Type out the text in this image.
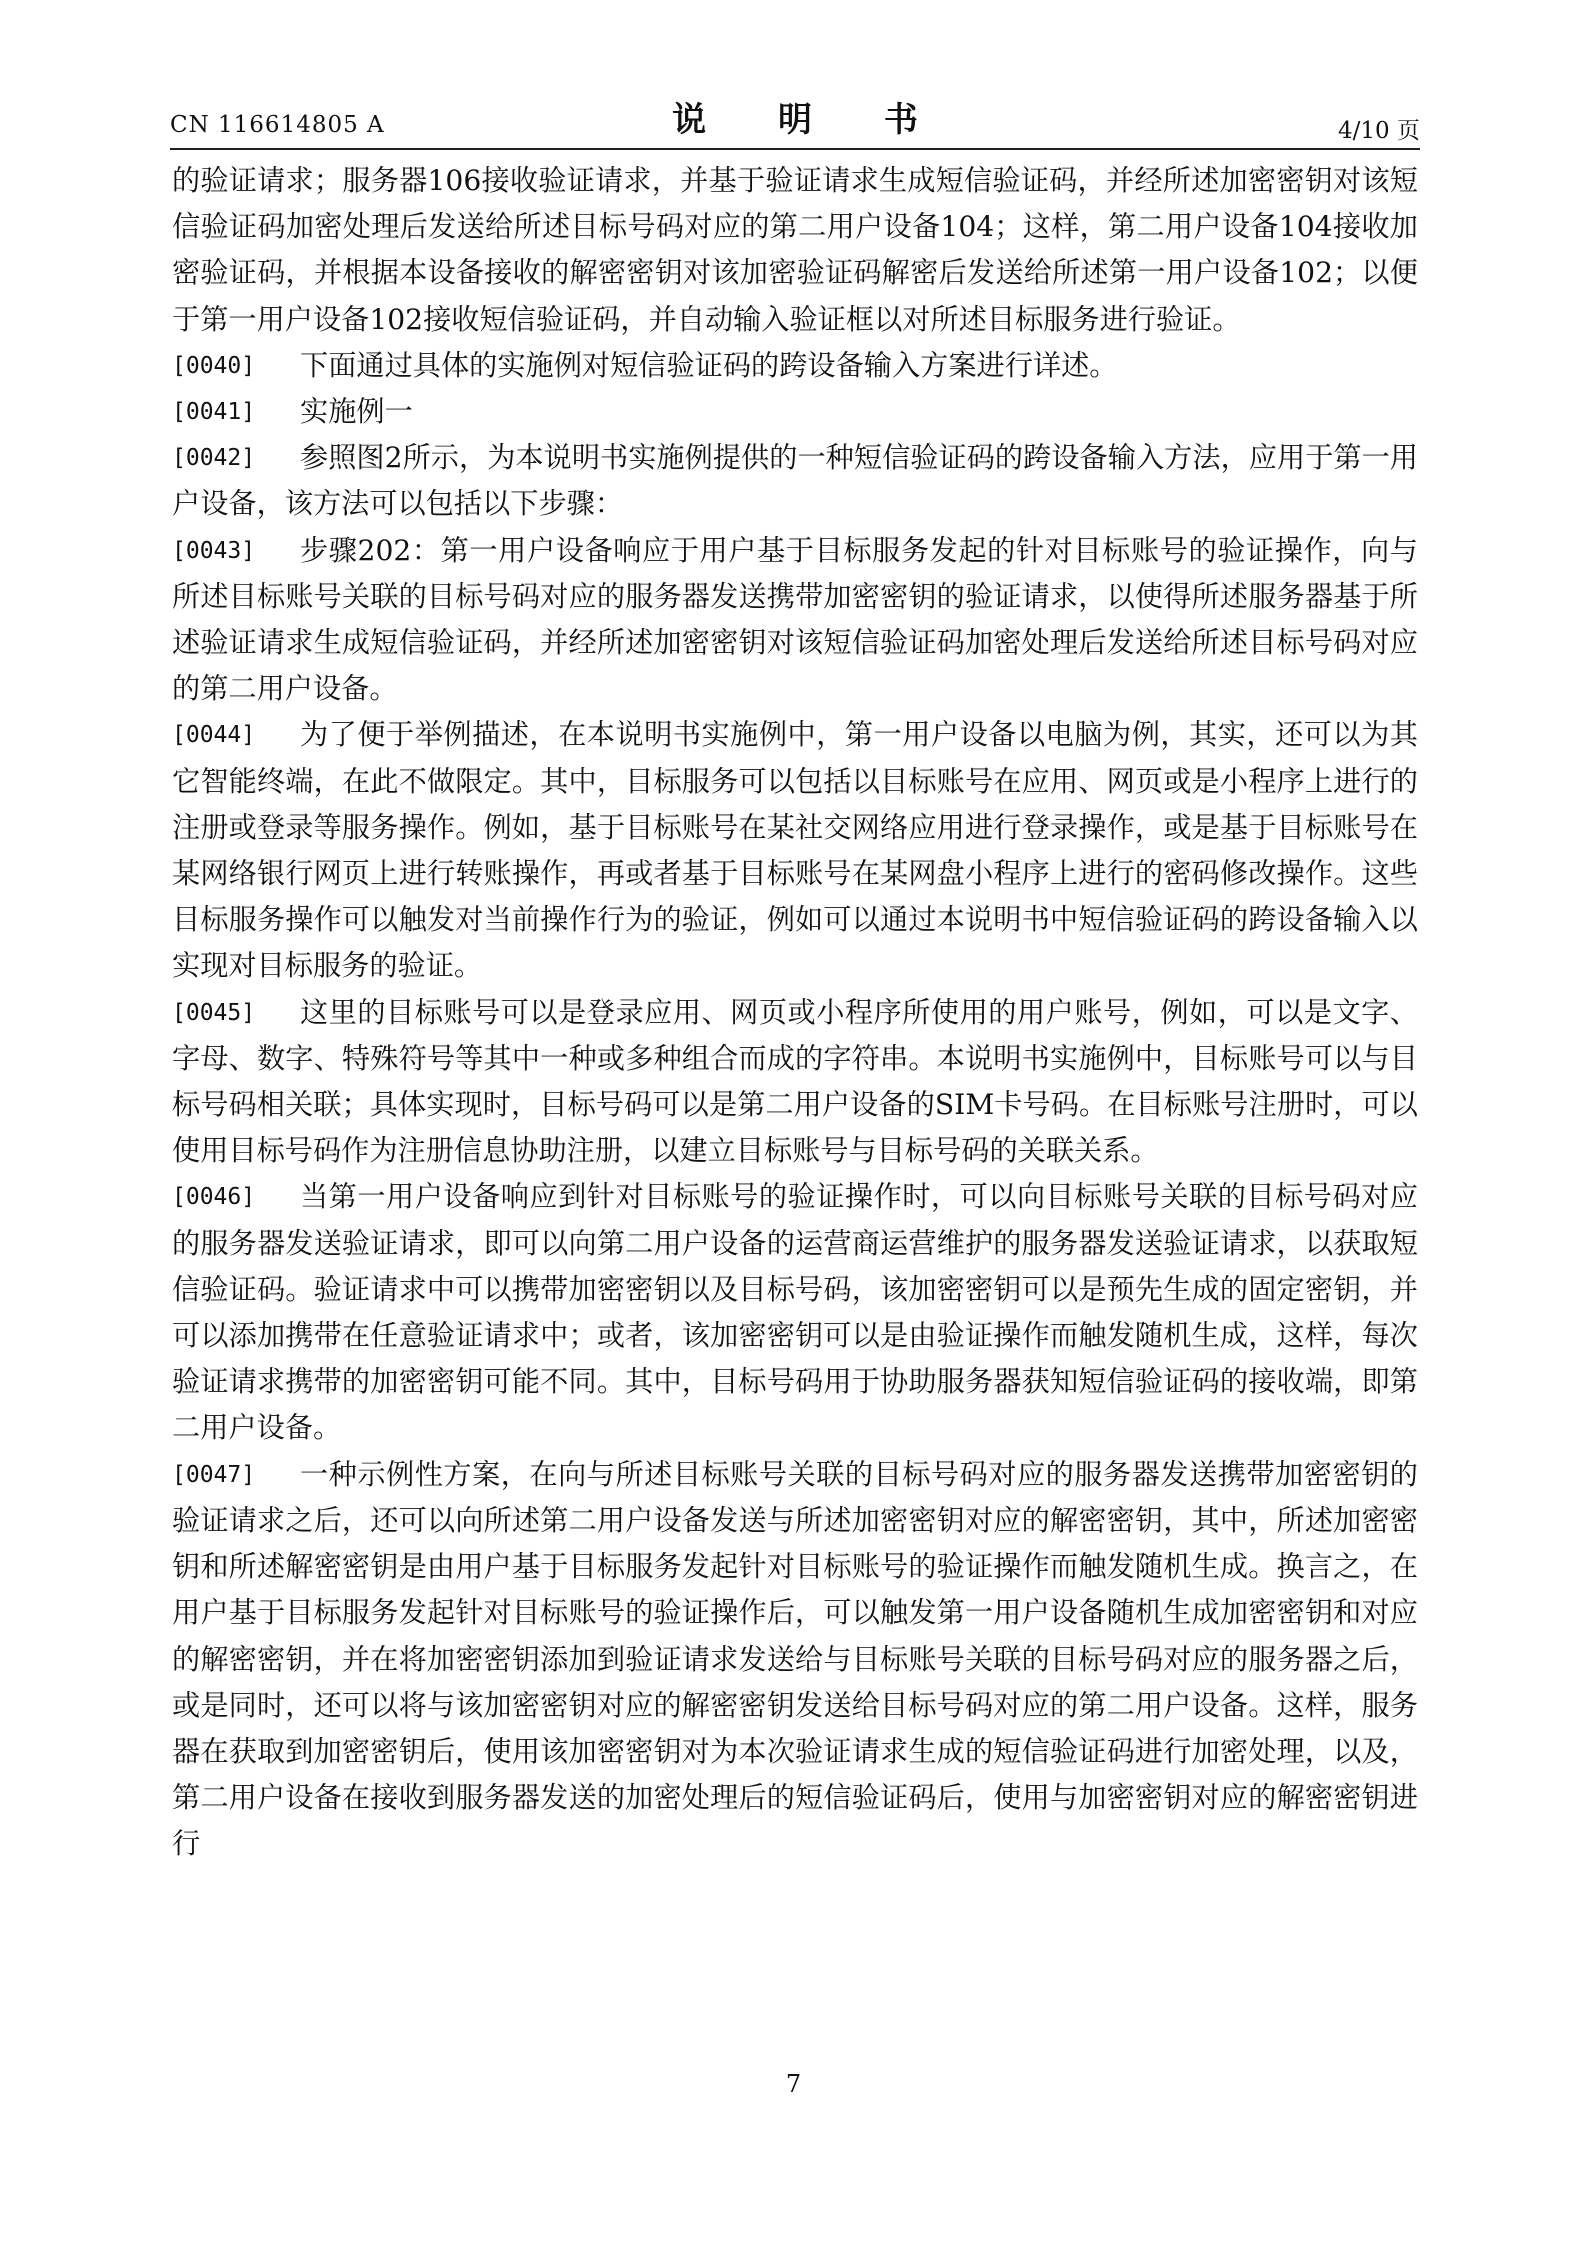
CN 116614805 A	说 明 书	4/10 页

的验证请求；服务器106接收验证请求，并基于验证请求生成短信验证码，并经所述加密密钥对该短信验证码加密处理后发送给所述目标号码对应的第二用户设备104；这样，第二用户设备104接收加密验证码，并根据本设备接收的解密密钥对该加密验证码解密后发送给所述第一用户设备102；以便于第一用户设备102接收短信验证码，并自动输入验证框以对所述目标服务进行验证。

[0040] 下面通过具体的实施例对短信验证码的跨设备输入方案进行详述。

[0041] 实施例一

[0042] 参照图2所示，为本说明书实施例提供的一种短信验证码的跨设备输入方法，应用于第一用户设备，该方法可以包括以下步骤：

[0043] 步骤202：第一用户设备响应于用户基于目标服务发起的针对目标账号的验证操作，向与所述目标账号关联的目标号码对应的服务器发送携带加密密钥的验证请求，以使得所述服务器基于所述验证请求生成短信验证码，并经所述加密密钥对该短信验证码加密处理后发送给所述目标号码对应的第二用户设备。

[0044] 为了便于举例描述，在本说明书实施例中，第一用户设备以电脑为例，其实，还可以为其它智能终端，在此不做限定。其中，目标服务可以包括以目标账号在应用、网页或是小程序上进行的注册或登录等服务操作。例如，基于目标账号在某社交网络应用进行登录操作，或是基于目标账号在某网络银行网页上进行转账操作，再或者基于目标账号在某网盘小程序上进行的密码修改操作。这些目标服务操作可以触发对当前操作行为的验证，例如可以通过本说明书中短信验证码的跨设备输入以实现对目标服务的验证。

[0045] 这里的目标账号可以是登录应用、网页或小程序所使用的用户账号，例如，可以是文字、字母、数字、特殊符号等其中一种或多种组合而成的字符串。本说明书实施例中，目标账号可以与目标号码相关联；具体实现时，目标号码可以是第二用户设备的SIM卡号码。在目标账号注册时，可以使用目标号码作为注册信息协助注册，以建立目标账号与目标号码的关联关系。

[0046] 当第一用户设备响应到针对目标账号的验证操作时，可以向目标账号关联的目标号码对应的服务器发送验证请求，即可以向第二用户设备的运营商运营维护的服务器发送验证请求，以获取短信验证码。验证请求中可以携带加密密钥以及目标号码，该加密密钥可以是预先生成的固定密钥，并可以添加携带在任意验证请求中；或者，该加密密钥可以是由验证操作而触发随机生成，这样，每次验证请求携带的加密密钥可能不同。其中，目标号码用于协助服务器获知短信验证码的接收端，即第二用户设备。

[0047] 一种示例性方案，在向与所述目标账号关联的目标号码对应的服务器发送携带加密密钥的验证请求之后，还可以向所述第二用户设备发送与所述加密密钥对应的解密密钥，其中，所述加密密钥和所述解密密钥是由用户基于目标服务发起针对目标账号的验证操作而触发随机生成。换言之，在用户基于目标服务发起针对目标账号的验证操作后，可以触发第一用户设备随机生成加密密钥和对应的解密密钥，并在将加密密钥添加到验证请求发送给与目标账号关联的目标号码对应的服务器之后，或是同时，还可以将与该加密密钥对应的解密密钥发送给目标号码对应的第二用户设备。这样，服务器在获取到加密密钥后，使用该加密密钥对为本次验证请求生成的短信验证码进行加密处理，以及，第二用户设备在接收到服务器发送的加密处理后的短信验证码后，使用与加密密钥对应的解密密钥进行

7
